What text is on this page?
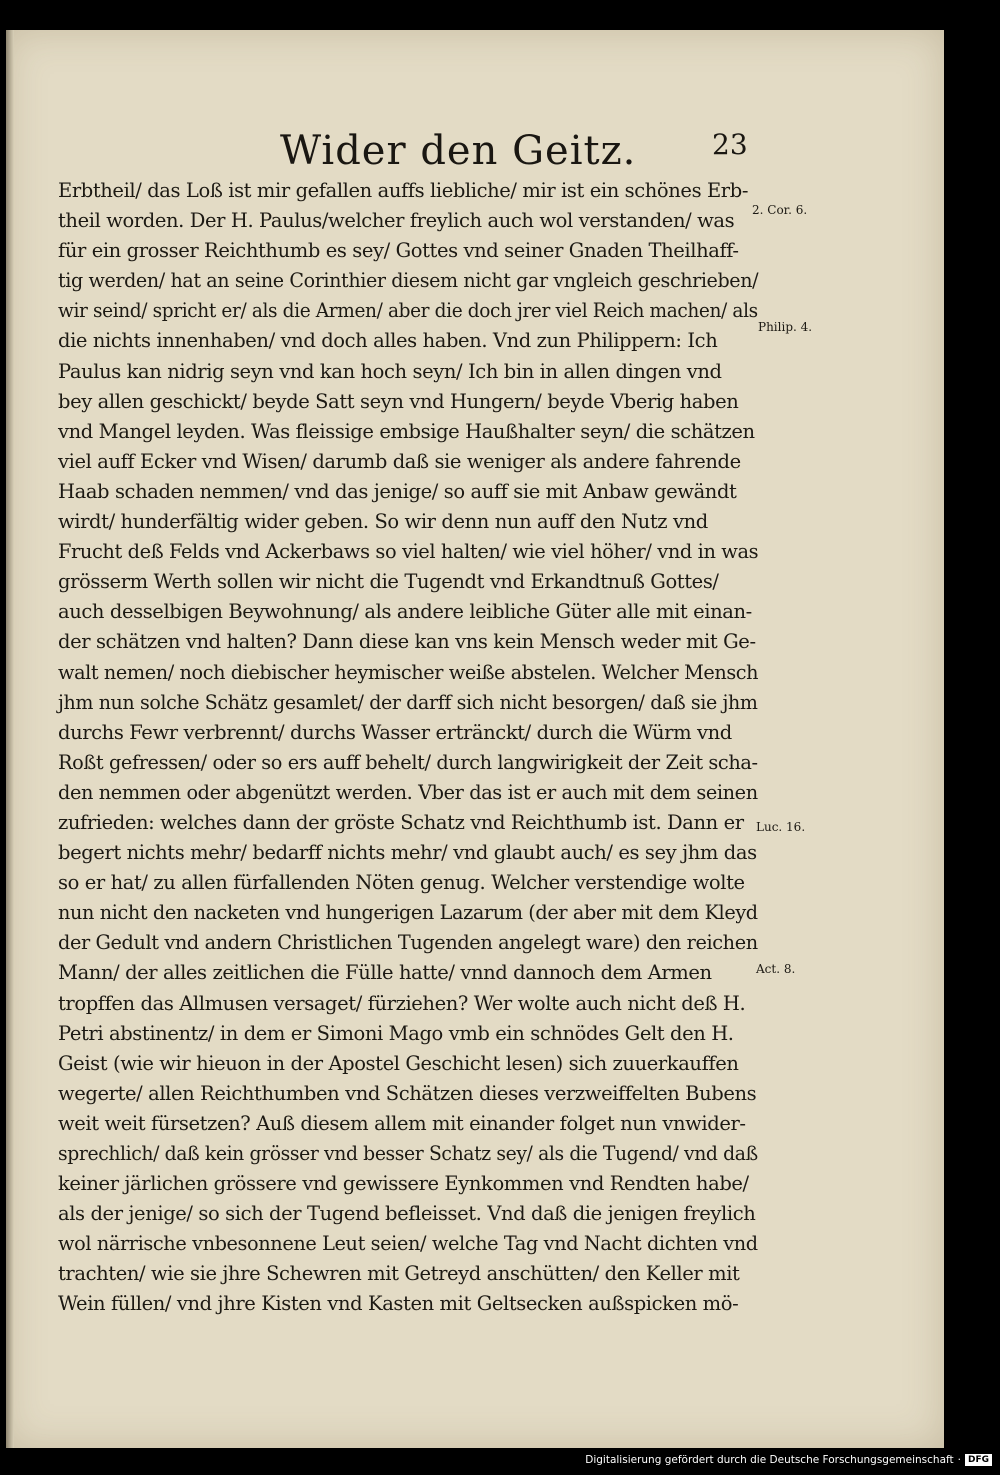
Wider den Geitz.	23
Erbtheil/ das Loß ist mir gefallen auffs liebliche/ mir ist ein schönes Erb-
theil worden. Der H. Paulus/welcher freylich auch wol verstanden/ was
für ein grosser Reichthumb es sey/ Gottes vnd seiner Gnaden Theilhaff-
tig werden/ hat an seine Corinthier diesem nicht gar vngleich geschrieben/
wir seind/ spricht er/ als die Armen/ aber die doch jrer viel Reich machen/ als
die nichts innenhaben/ vnd doch alles haben. Vnd zun Philippern: Ich
Paulus kan nidrig seyn vnd kan hoch seyn/ Ich bin in allen dingen vnd
bey allen geschickt/ beyde Satt seyn vnd Hungern/ beyde Vberig haben
vnd Mangel leyden. Was fleissige embsige Haußhalter seyn/ die schätzen
viel auff Ecker vnd Wisen/ darumb daß sie weniger als andere fahrende
Haab schaden nemmen/ vnd das jenige/ so auff sie mit Anbaw gewändt
wirdt/ hunderfältig wider geben. So wir denn nun auff den Nutz vnd
Frucht deß Felds vnd Ackerbaws so viel halten/ wie viel höher/ vnd in was
grösserm Werth sollen wir nicht die Tugendt vnd Erkandtnuß Gottes/
auch desselbigen Beywohnung/ als andere leibliche Güter alle mit einan-
der schätzen vnd halten? Dann diese kan vns kein Mensch weder mit Ge-
walt nemen/ noch diebischer heymischer weiße abstelen. Welcher Mensch
jhm nun solche Schätz gesamlet/ der darff sich nicht besorgen/ daß sie jhm
durchs Fewr verbrennt/ durchs Wasser ertränckt/ durch die Würm vnd
Roßt gefressen/ oder so ers auff behelt/ durch langwirigkeit der Zeit scha-
den nemmen oder abgenützt werden. Vber das ist er auch mit dem seinen
zufrieden: welches dann der gröste Schatz vnd Reichthumb ist. Dann er
begert nichts mehr/ bedarff nichts mehr/ vnd glaubt auch/ es sey jhm das
so er hat/ zu allen fürfallenden Nöten genug. Welcher verstendige wolte
nun nicht den nacketen vnd hungerigen Lazarum (der aber mit dem Kleyd
der Gedult vnd andern Christlichen Tugenden angelegt ware) den reichen
Mann/ der alles zeitlichen die Fülle hatte/ vnnd dannoch dem Armen
tropffen das Allmusen versaget/ fürziehen? Wer wolte auch nicht deß H.
Petri abstinentz/ in dem er Simoni Mago vmb ein schnödes Gelt den H.
Geist (wie wir hieuon in der Apostel Geschicht lesen) sich zuuerkauffen
wegerte/ allen Reichthumben vnd Schätzen dieses verzweiffelten Bubens
weit weit fürsetzen? Auß diesem allem mit einander folget nun vnwider-
sprechlich/ daß kein grösser vnd besser Schatz sey/ als die Tugend/ vnd daß
keiner järlichen grössere vnd gewissere Eynkommen vnd Rendten habe/
als der jenige/ so sich der Tugend befleisset. Vnd daß die jenigen freylich
wol närrische vnbesonnene Leut seien/ welche Tag vnd Nacht dichten vnd
trachten/ wie sie jhre Schewren mit Getreyd anschütten/ den Keller mit
Wein füllen/ vnd jhre Kisten vnd Kasten mit Geltsecken außspicken mö-
2. Cor. 6.
Philip. 4.
Luc. 16.
Act. 8.
Digitalisierung gefördert durch die Deutsche Forschungsgemeinschaft · DFG
